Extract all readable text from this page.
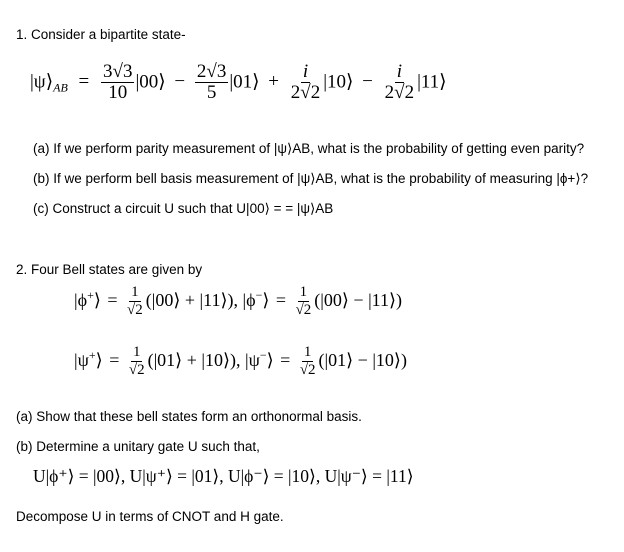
1. Consider a bipartite state-
$|\psi⟩_{AB} = \frac{3√3}{10}$ |00⟩ − $\frac{2√3}{5}$ |01⟩ + $\frac{i}{2√2}$ |10⟩ − $\frac{i}{2√2}$ |11⟩
(a) If we perform parity measurement of |ψ⟩AB, what is the probability of getting even parity?
(b) If we perform bell basis measurement of |ψ⟩AB, what is the probability of measuring |ϕ+⟩?
(c) Construct a circuit U such that U|00⟩ = = |ψ⟩AB
2. Four Bell states are given by
|ϕ+⟩ = $\frac{1}{√2}$ (|00⟩ + |11⟩), |ϕ−⟩ = $\frac{1}{√2}$ (|00⟩ − |11⟩)
|ψ+⟩ = $\frac{1}{√2}$ (|01⟩ + |10⟩), |ψ−⟩ = $\frac{1}{√2}$ (|01⟩ − |10⟩)
(a) Show that these bell states form an orthonormal basis.
(b) Determine a unitary gate U such that,
U|ϕ⁺⟩ = |00⟩, U|ψ⁺⟩ = |01⟩, U|ϕ⁻⟩ = |10⟩, U|ψ⁻⟩ = |11⟩
Decompose U in terms of CNOT and H gate.
